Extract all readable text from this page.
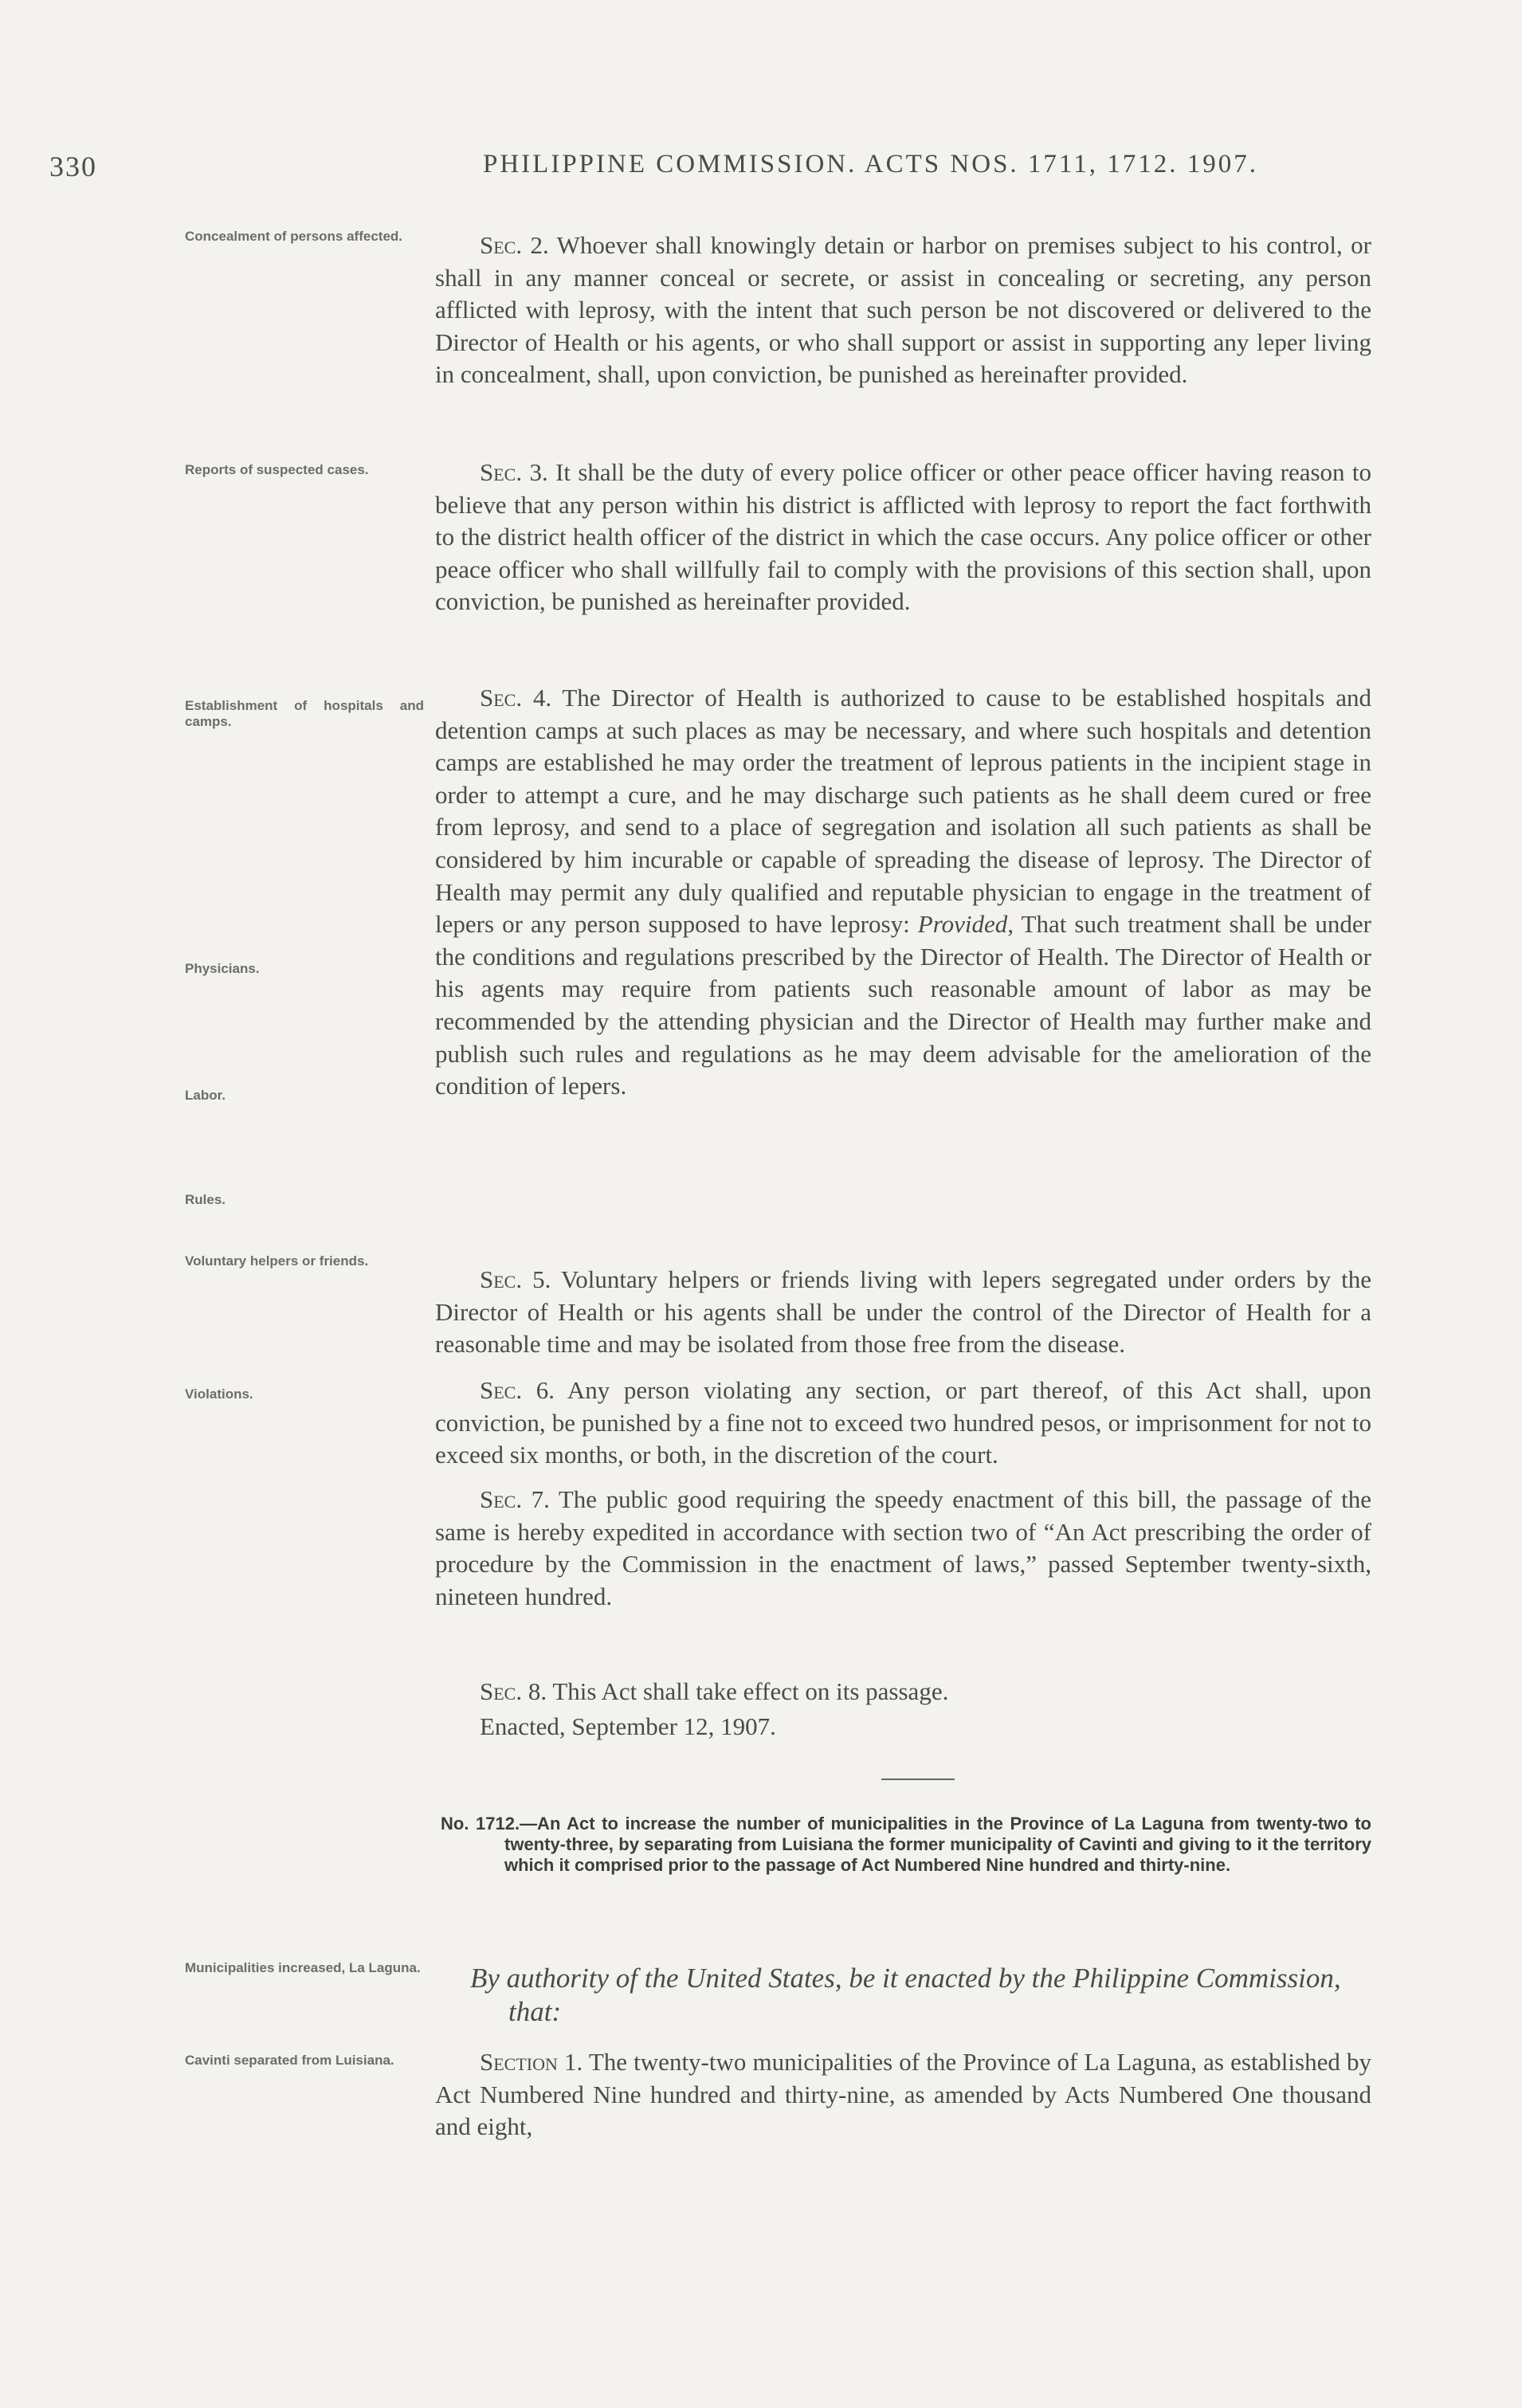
330	PHILIPPINE COMMISSION. ACTS NOS. 1711, 1712. 1907.
Concealment of persons affected.
Reports of suspected cases.
Establishment of hospitals and camps.
Physicians.
Labor.
Rules.
Voluntary helpers or friends.
Violations.
Municipalities increased, La Laguna.
Cavinti separated from Luisiana.

Sec. 2. Whoever shall knowingly detain or harbor on premises subject to his control, or shall in any manner conceal or secrete, or assist in concealing or secreting, any person afflicted with leprosy, with the intent that such person be not discovered or delivered to the Director of Health or his agents, or who shall support or assist in supporting any leper living in concealment, shall, upon conviction, be punished as hereinafter provided.

Sec. 3. It shall be the duty of every police officer or other peace officer having reason to believe that any person within his district is afflicted with leprosy to report the fact forthwith to the district health officer of the district in which the case occurs. Any police officer or other peace officer who shall willfully fail to comply with the provisions of this section shall, upon conviction, be punished as hereinafter provided.

Sec. 4. The Director of Health is authorized to cause to be established hospitals and detention camps at such places as may be necessary, and where such hospitals and detention camps are established he may order the treatment of leprous patients in the incipient stage in order to attempt a cure, and he may discharge such patients as he shall deem cured or free from leprosy, and send to a place of segregation and isolation all such patients as shall be considered by him incurable or capable of spreading the disease of leprosy. The Director of Health may permit any duly qualified and reputable physician to engage in the treatment of lepers or any person supposed to have leprosy: Provided, That such treatment shall be under the conditions and regulations prescribed by the Director of Health. The Director of Health or his agents may require from patients such reasonable amount of labor as may be recommended by the attending physician and the Director of Health may further make and publish such rules and regulations as he may deem advisable for the amelioration of the condition of lepers.

Sec. 5. Voluntary helpers or friends living with lepers segregated under orders by the Director of Health or his agents shall be under the control of the Director of Health for a reasonable time and may be isolated from those free from the disease.

Sec. 6. Any person violating any section, or part thereof, of this Act shall, upon conviction, be punished by a fine not to exceed two hundred pesos, or imprisonment for not to exceed six months, or both, in the discretion of the court.

Sec. 7. The public good requiring the speedy enactment of this bill, the passage of the same is hereby expedited in accordance with section two of “An Act prescribing the order of procedure by the Commission in the enactment of laws,” passed September twenty-sixth, nineteen hundred.

Sec. 8. This Act shall take effect on its passage.
Enacted, September 12, 1907.
No. 1712.—An Act to increase the number of municipalities in the Province of La Laguna from twenty-two to twenty-three, by separating from Luisiana the former municipality of Cavinti and giving to it the territory which it comprised prior to the passage of Act Numbered Nine hundred and thirty-nine.
By authority of the United States, be it enacted by the Philippine Commission, that:

Section 1. The twenty-two municipalities of the Province of La Laguna, as established by Act Numbered Nine hundred and thirty-nine, as amended by Acts Numbered One thousand and eight,
